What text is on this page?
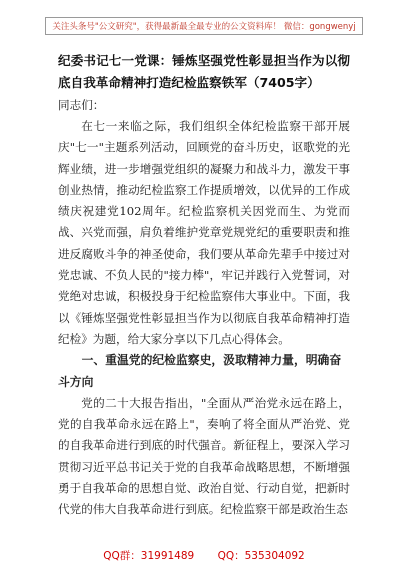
关注头条号"公文研究"，获得最新最全最专业的公文资料库！ 微信：gongwenyj

纪委书记七一党课：锤炼坚强党性彰显担当作为以彻底自我革命精神打造纪检监察铁军（7405字）

同志们：

在七一来临之际，我们组织全体纪检监察干部开展庆"七一"主题系列活动，回顾党的奋斗历史，讴歌党的光辉业绩，进一步增强党组织的凝聚力和战斗力，激发干事创业热情，推动纪检监察工作提质增效，以优异的工作成绩庆祝建党102周年。纪检监察机关因党而生、为党而战、兴党而强，肩负着维护党章党规党纪的重要职责和推进反腐败斗争的神圣使命，我们要从革命先辈手中接过对党忠诚、不负人民的"接力棒"，牢记并践行入党誓词，对党绝对忠诚，积极投身于纪检监察伟大事业中。下面，我以《锤炼坚强党性彰显担当作为以彻底自我革命精神打造纪检》为题，给大家分享以下几点心得体会。

一、重温党的纪检监察史，汲取精神力量，明确奋斗方向

党的二十大报告指出，"全面从严治党永远在路上，党的自我革命永远在路上"，奏响了将全面从严治党、党的自我革命进行到底的时代强音。新征程上，要深入学习贯彻习近平总书记关于党的自我革命战略思想，不断增强勇于自我革命的思想自觉、政治自觉、行动自觉，把新时代党的伟大自我革命进行到底。纪检监察干部是政治生态

QQ群：31991489 QQ：535304092
